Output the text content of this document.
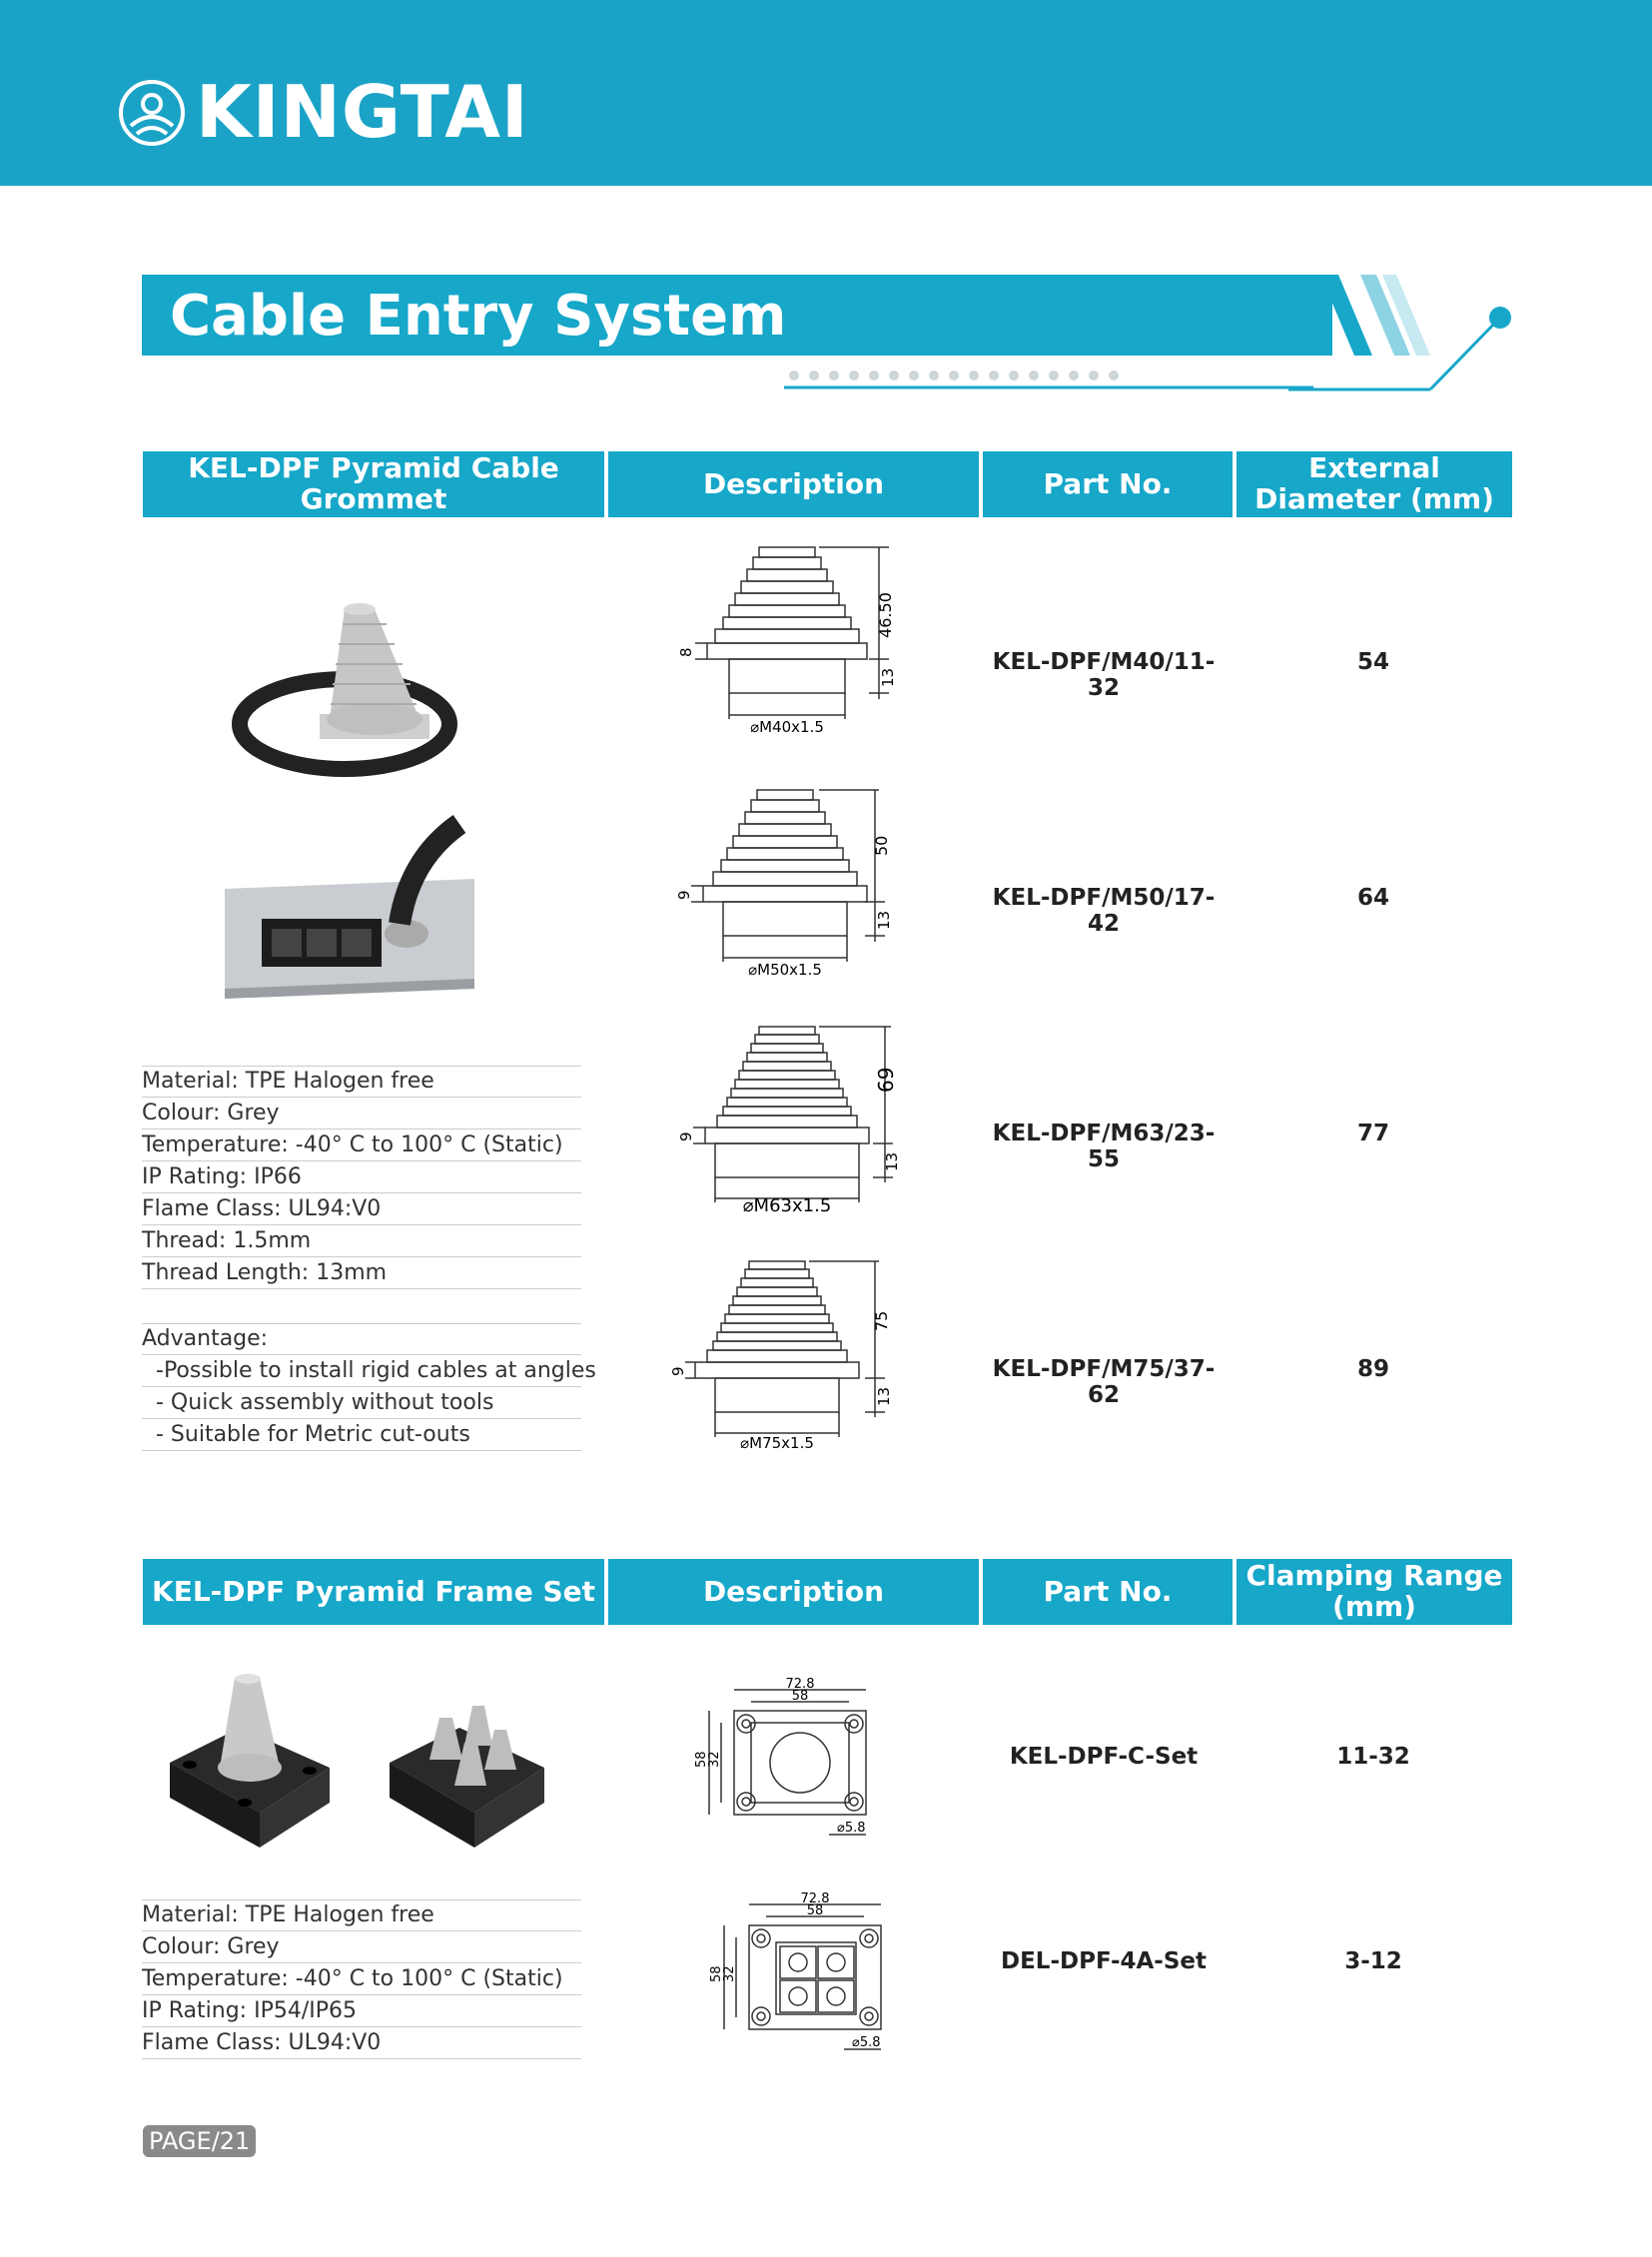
KINGTAI
Cable Entry System
KEL-DPF Pyramid Cable Grommet	Description	Part No.	External Diameter (mm)
46.50
8
13
⌀M40x1.5
50
9
13
⌀M50x1.5
69
9
13
⌀M63x1.5
75
9
13
⌀M75x1.5
KEL-DPF/M40/11-32
54
KEL-DPF/M50/17-42
64
KEL-DPF/M63/23-55
77
KEL-DPF/M75/37-62
89
Material: TPE Halogen free
Colour: Grey
Temperature: -40° C to 100° C (Static)
IP Rating: IP66
Flame Class: UL94:V0
Thread: 1.5mm
Thread Length: 13mm
Advantage:
-Possible to install rigid cables at angles
- Quick assembly without tools
- Suitable for Metric cut-outs
KEL-DPF Pyramid Frame Set	Description	Part No.	Clamping Range (mm)
72.8
58
58
32
⌀5.8
72.8
58
58
32
⌀5.8
KEL-DPF-C-Set	11-32
DEL-DPF-4A-Set	3-12
Material: TPE Halogen free
Colour: Grey
Temperature: -40° C to 100° C (Static)
IP Rating: IP54/IP65
Flame Class: UL94:V0
PAGE/21
